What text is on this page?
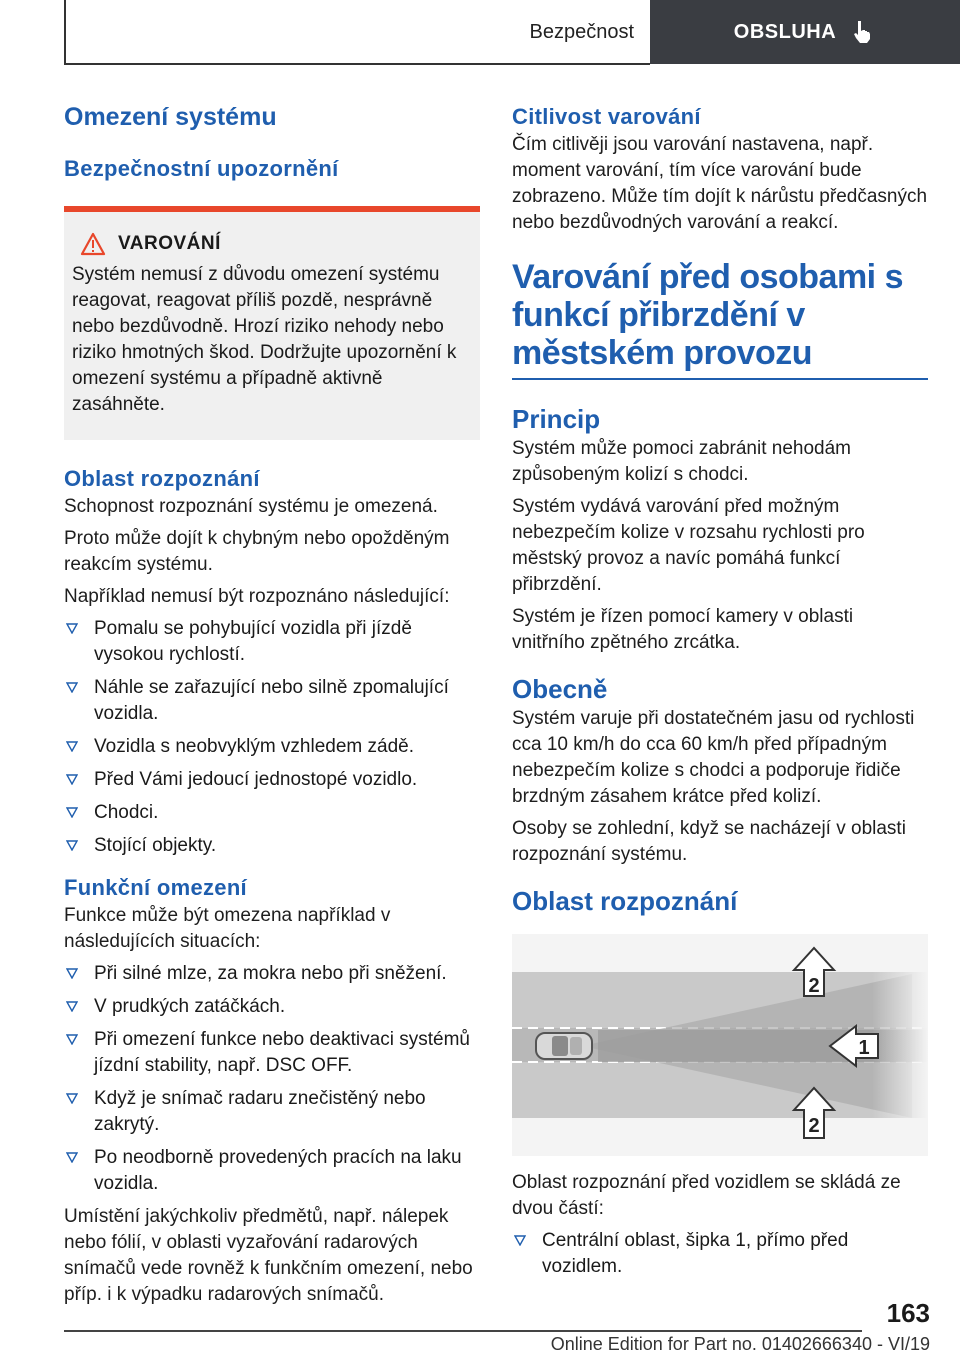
Bezpečnost	OBSLUHA
Omezení systému
Bezpečnostní upozornění
VAROVÁNÍ

Systém nemusí z důvodu omezení systému reagovat, reagovat příliš pozdě, nesprávně nebo bezdůvodně. Hrozí riziko nehody nebo riziko hmotných škod. Dodržujte upozornění k omezení systému a případně aktivně zasáhněte.

Oblast rozpoznání

Schopnost rozpoznání systému je omezená.

Proto může dojít k chybným nebo opožděným reakcím systému.

Například nemusí být rozpoznáno následující:

Pomalu se pohybující vozidla při jízdě vysokou rychlostí.
Náhle se zařazující nebo silně zpomalující vozidla.
Vozidla s neobvyklým vzhledem zádě.
Před Vámi jedoucí jednostopé vozidlo.
Chodci.
Stojící objekty.
Funkční omezení

Funkce může být omezena například v následujících situacích:

Při silné mlze, za mokra nebo při sněžení.
V prudkých zatáčkách.
Při omezení funkce nebo deaktivaci systémů jízdní stability, např. DSC OFF.
Když je snímač radaru znečistěný nebo zakrytý.
Po neodborně provedených pracích na laku vozidla.

Umístění jakýchkoliv předmětů, např. nálepek nebo fólií, v oblasti vyzařování radarových snímačů vede rovněž k funkčním omezení, nebo příp. i k výpadku radarových snímačů.

Citlivost varování

Čím citlivěji jsou varování nastavena, např. moment varování, tím více varování bude zobrazeno. Může tím dojít k nárůstu předčasných nebo bezdůvodných varování a reakcí.

Varování před osobami s funkcí přibrzdění v městském provozu
Princip

Systém může pomoci zabránit nehodám způsobeným kolizí s chodci.

Systém vydává varování před možným nebezpečím kolize v rozsahu rychlosti pro městský provoz a navíc pomáhá funkcí přibrzdění.

Systém je řízen pomocí kamery v oblasti vnitřního zpětného zrcátka.

Obecně

Systém varuje při dostatečném jasu od rychlosti cca 10 km/h do cca 60 km/h před případným nebezpečím kolize s chodci a podporuje řidiče brzdným zásahem krátce před kolizí.

Osoby se zohlední, když se nacházejí v oblasti rozpoznání systému.

Oblast rozpoznání
2
1
2

Oblast rozpoznání před vozidlem se skládá ze dvou částí:

Centrální oblast, šipka 1, přímo před vozidlem.
163
Online Edition for Part no. 01402666340 - VI/19
